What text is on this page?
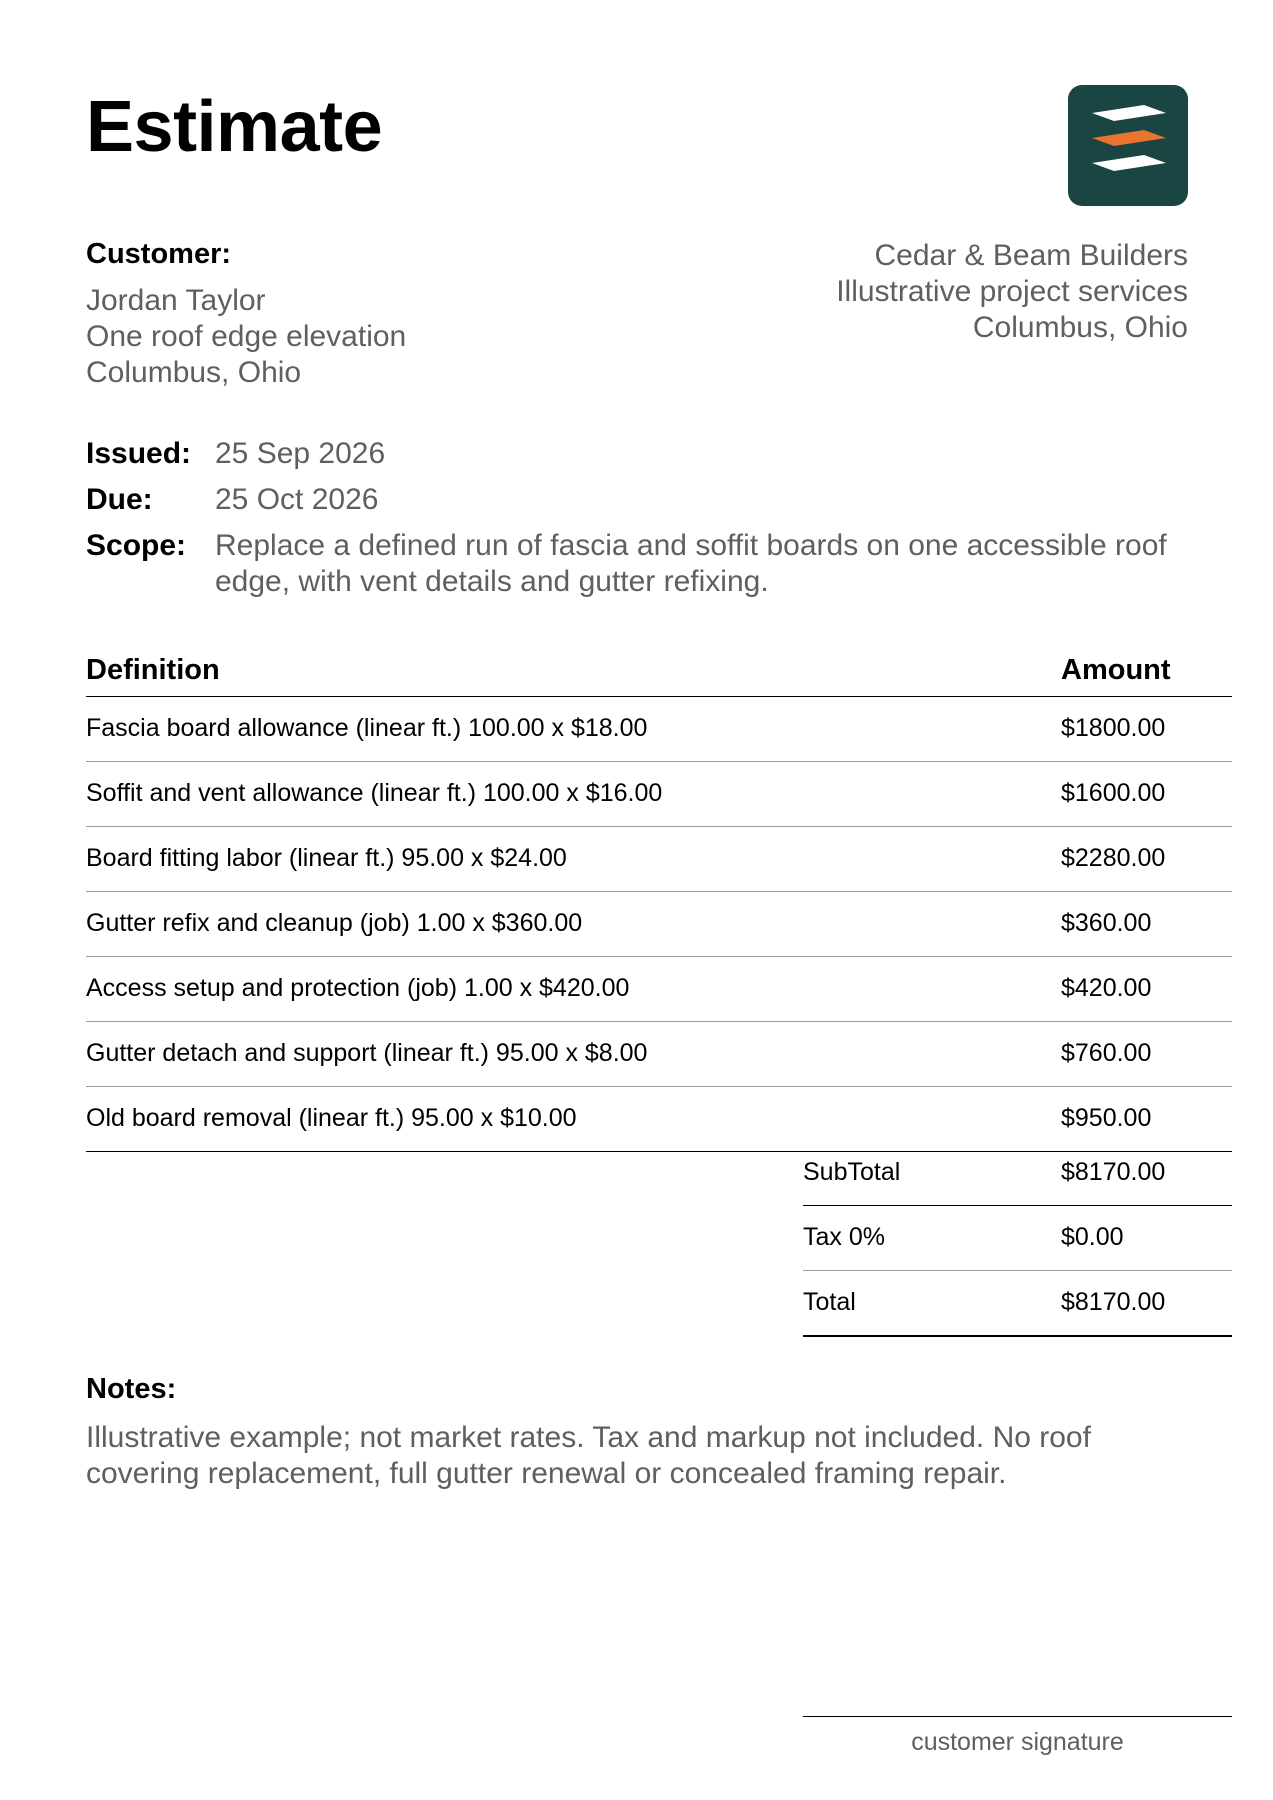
Estimate
Customer:
Jordan Taylor
One roof edge elevation
Columbus, Ohio
Cedar & Beam Builders
Illustrative project services
Columbus, Ohio
Issued: 25 Sep 2026
Due: 25 Oct 2026
Scope: Replace a defined run of fascia and soffit boards on one accessible roof edge, with vent details and gutter refixing.
Definition	Amount
Fascia board allowance (linear ft.) 100.00 x $18.00	$1800.00
Soffit and vent allowance (linear ft.) 100.00 x $16.00	$1600.00
Board fitting labor (linear ft.) 95.00 x $24.00	$2280.00
Gutter refix and cleanup (job) 1.00 x $360.00	$360.00
Access setup and protection (job) 1.00 x $420.00	$420.00
Gutter detach and support (linear ft.) 95.00 x $8.00	$760.00
Old board removal (linear ft.) 95.00 x $10.00	$950.00
SubTotal	$8170.00
Tax 0%	$0.00
Total	$8170.00
Notes:
Illustrative example; not market rates. Tax and markup not included. No roof covering replacement, full gutter renewal or concealed framing repair.
customer signature
